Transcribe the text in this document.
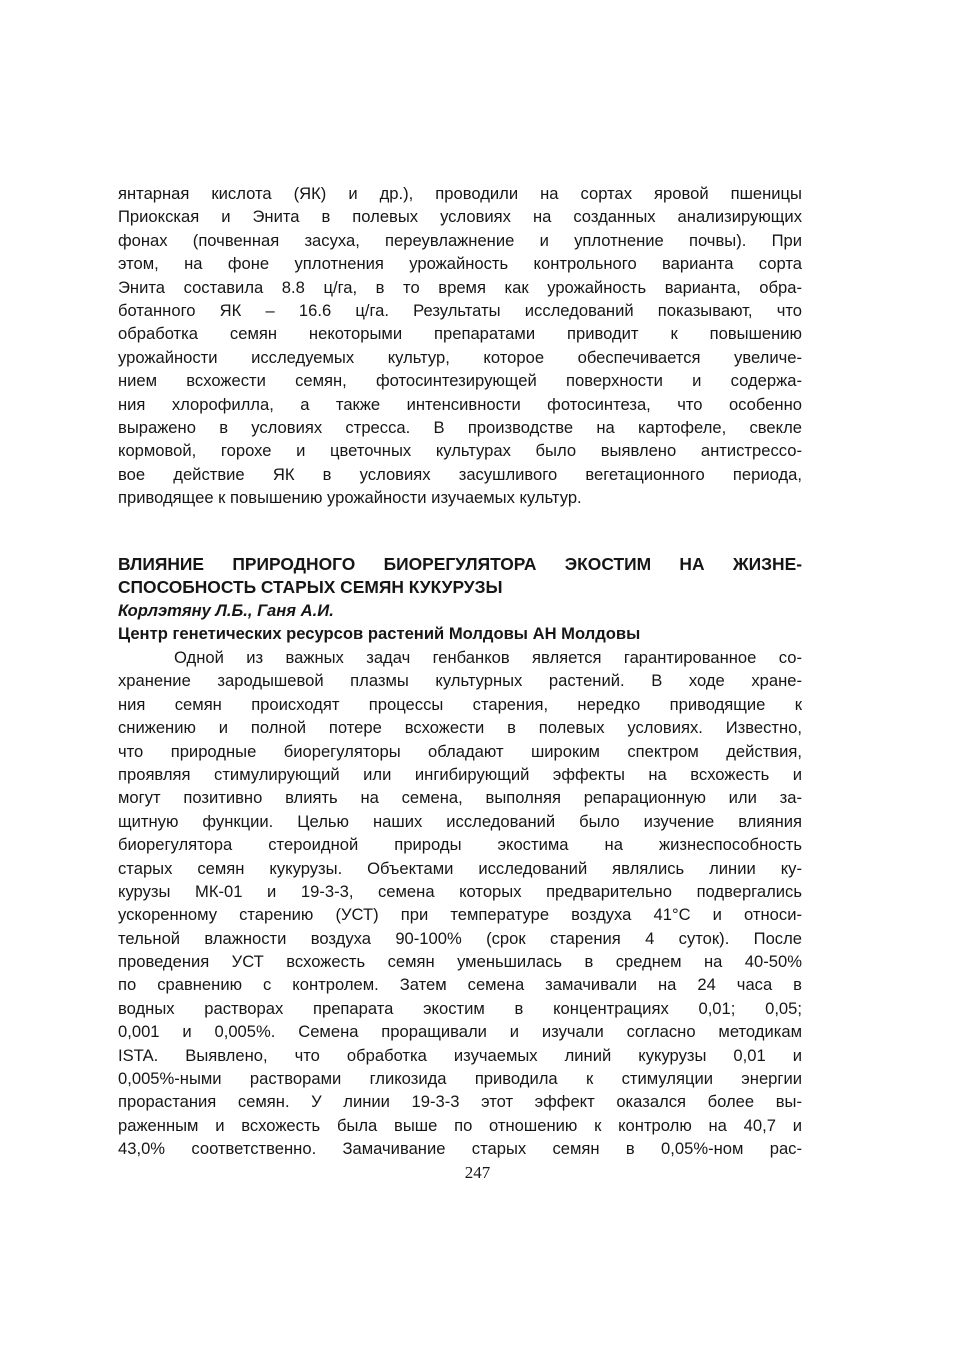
янтарная кислота (ЯК) и др.), проводили на сортах яровой пшеницы
Приокская и Энита в полевых условиях на созданных анализирующих
фонах (почвенная засуха, переувлажнение и уплотнение почвы). При
этом, на фоне уплотнения урожайность контрольного варианта сорта
Энита составила 8.8 ц/га, в то время как урожайность варианта, обра-
ботанного ЯК – 16.6 ц/га. Результаты исследований показывают, что
обработка семян некоторыми препаратами приводит к повышению
урожайности исследуемых культур, которое обеспечивается увеличе-
нием всхожести семян, фотосинтезирующей поверхности и содержа-
ния хлорофилла, а также интенсивности фотосинтеза, что особенно
выражено в условиях стресса. В производстве на картофеле, свекле
кормовой, горохе и цветочных культурах было выявлено антистрессо-
вое действие ЯК в условиях засушливого вегетационного периода,
приводящее к повышению урожайности изучаемых культур.
ВЛИЯНИЕ ПРИРОДНОГО БИОРЕГУЛЯТОРА ЭКОСТИМ НА ЖИЗНЕ-
СПОСОБНОСТЬ СТАРЫХ СЕМЯН КУКУРУЗЫ
Корлэтяну Л.Б., Ганя А.И.
Центр генетических ресурсов растений Молдовы АН Молдовы
Одной из важных задач генбанков является гарантированное со-
хранение зародышевой плазмы культурных растений. В ходе хране-
ния семян происходят процессы старения, нередко приводящие к
снижению и полной потере всхожести в полевых условиях. Известно,
что природные биорегуляторы обладают широким спектром действия,
проявляя стимулирующий или ингибирующий эффекты на всхожесть и
могут позитивно влиять на семена, выполняя репарационную или за-
щитную функции. Целью наших исследований было изучение влияния
биорегулятора стероидной природы экостима на жизнеспособность
старых семян кукурузы. Объектами исследований являлись линии ку-
курузы МК-01 и 19-3-3, семена которых предварительно подвергались
ускоренному старению (УСТ) при температуре воздуха 41°С и относи-
тельной влажности воздуха 90-100% (срок старения 4 суток). После
проведения УСТ всхожесть семян уменьшилась в среднем на 40-50%
по сравнению с контролем. Затем семена замачивали на 24 часа в
водных растворах препарата экостим в концентрациях 0,01; 0,05;
0,001 и 0,005%. Семена проращивали и изучали согласно методикам
ISTA. Выявлено, что обработка изучаемых линий кукурузы 0,01 и
0,005%-ными растворами гликозида приводила к стимуляции энергии
прорастания семян. У линии 19-3-3 этот эффект оказался более вы-
раженным и всхожесть была выше по отношению к контролю на 40,7 и
43,0% соответственно. Замачивание старых семян в 0,05%-ном рас-
247
